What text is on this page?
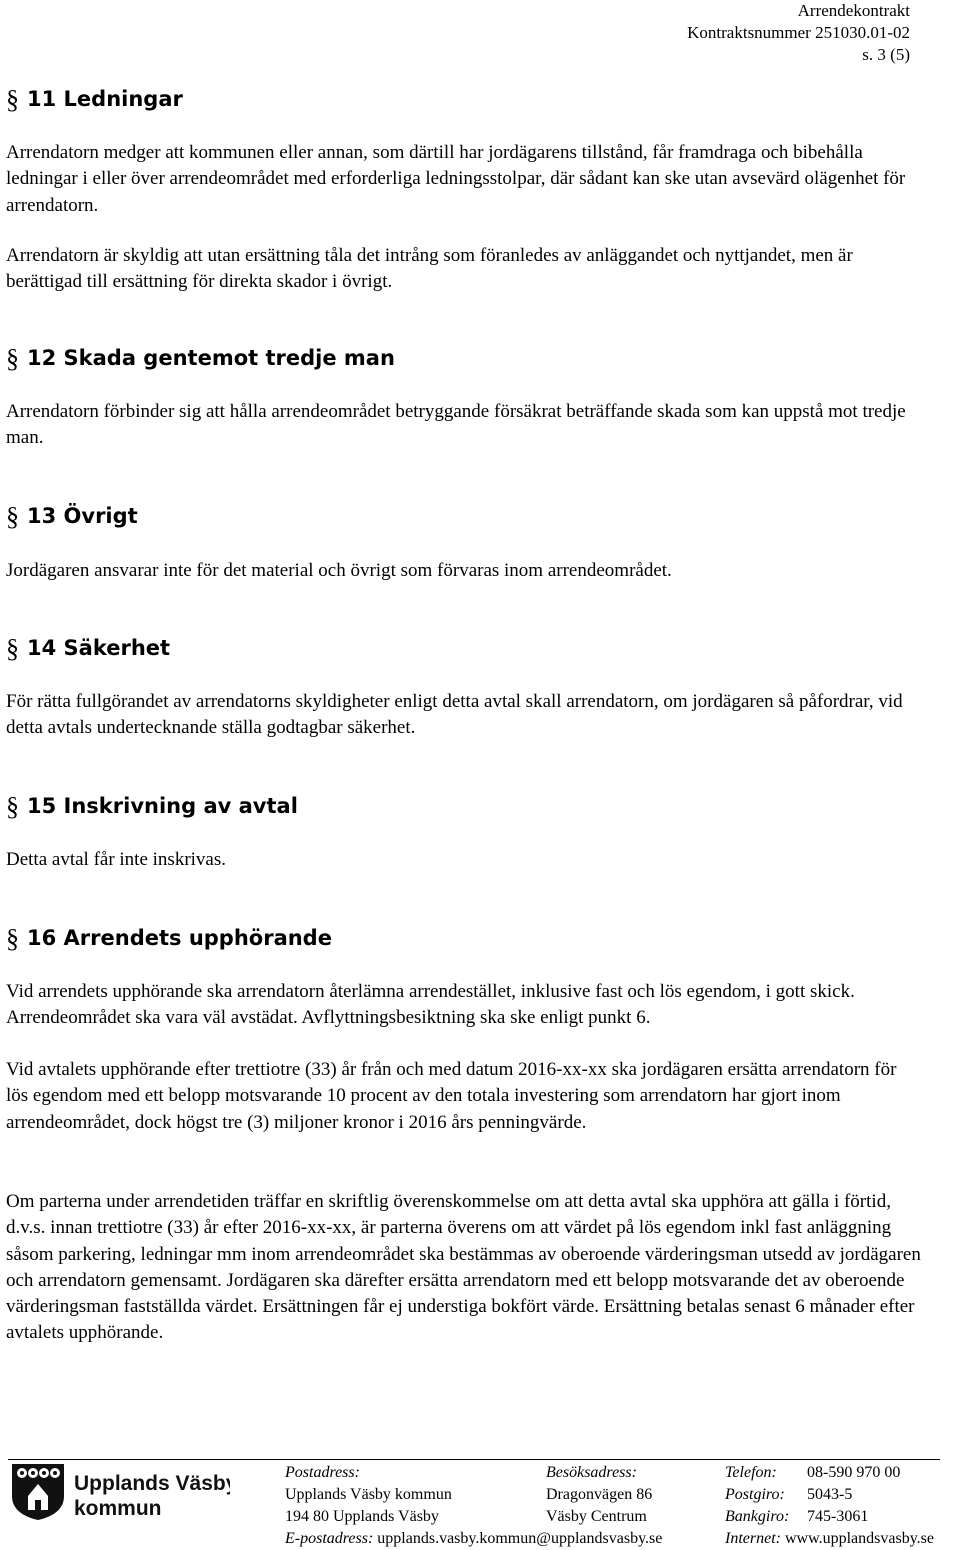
Arrendekontrakt
Kontraktsnummer 251030.01-02
s. 3 (5)
§ 11 Ledningar
Arrendatorn medger att kommunen eller annan, som därtill har jordägarens tillstånd, får framdraga och bibehålla ledningar i eller över arrendeområdet med erforderliga ledningsstolpar, där sådant kan ske utan avsevärd olägenhet för arrendatorn.
Arrendatorn är skyldig att utan ersättning tåla det intrång som föranledes av anläggandet och nyttjandet, men är berättigad till ersättning för direkta skador i övrigt.
§ 12 Skada gentemot tredje man
Arrendatorn förbinder sig att hålla arrendeområdet betryggande försäkrat beträffande skada som kan uppstå mot tredje man.
§ 13 Övrigt
Jordägaren ansvarar inte för det material och övrigt som förvaras inom arrendeområdet.
§ 14 Säkerhet
För rätta fullgörandet av arrendatorns skyldigheter enligt detta avtal skall arrendatorn, om jordägaren så påfordrar, vid detta avtals undertecknande ställa godtagbar säkerhet.
§ 15 Inskrivning av avtal
Detta avtal får inte inskrivas.
§ 16 Arrendets upphörande
Vid arrendets upphörande ska arrendatorn återlämna arrendestället, inklusive fast och lös egendom, i gott skick. Arrendeområdet ska vara väl avstädat. Avflyttningsbesiktning ska ske enligt punkt 6.
Vid avtalets upphörande efter trettiotre (33) år från och med datum 2016-xx-xx ska jordägaren ersätta arrendatorn för lös egendom med ett belopp motsvarande 10 procent av den totala investering som arrendatorn har gjort inom arrendeområdet, dock högst tre (3) miljoner kronor i 2016 års penningvärde.
Om parterna under arrendetiden träffar en skriftlig överenskommelse om att detta avtal ska upphöra att gälla i förtid, d.v.s. innan trettiotre (33) år efter 2016-xx-xx, är parterna överens om att värdet på lös egendom inkl fast anläggning såsom parkering, ledningar mm inom arrendeområdet ska bestämmas av oberoende värderingsman utsedd av jordägaren och arrendatorn gemensamt. Jordägaren ska därefter ersätta arrendatorn med ett belopp motsvarande det av oberoende värderingsman fastställda värdet. Ersättningen får ej understiga bokfört värde. Ersättning betalas senast 6 månader efter avtalets upphörande.
Upplands Väsby
kommun
Postadress:
Upplands Väsby kommun
194 80 Upplands Väsby
Besöksadress:
Dragonvägen 86
Väsby Centrum
Telefon: 08-590 970 00
Postgiro: 5043-5
Bankgiro: 745-3061
E-postadress: upplands.vasby.kommun@upplandsvasby.se	Internet: www.upplandsvasby.se
